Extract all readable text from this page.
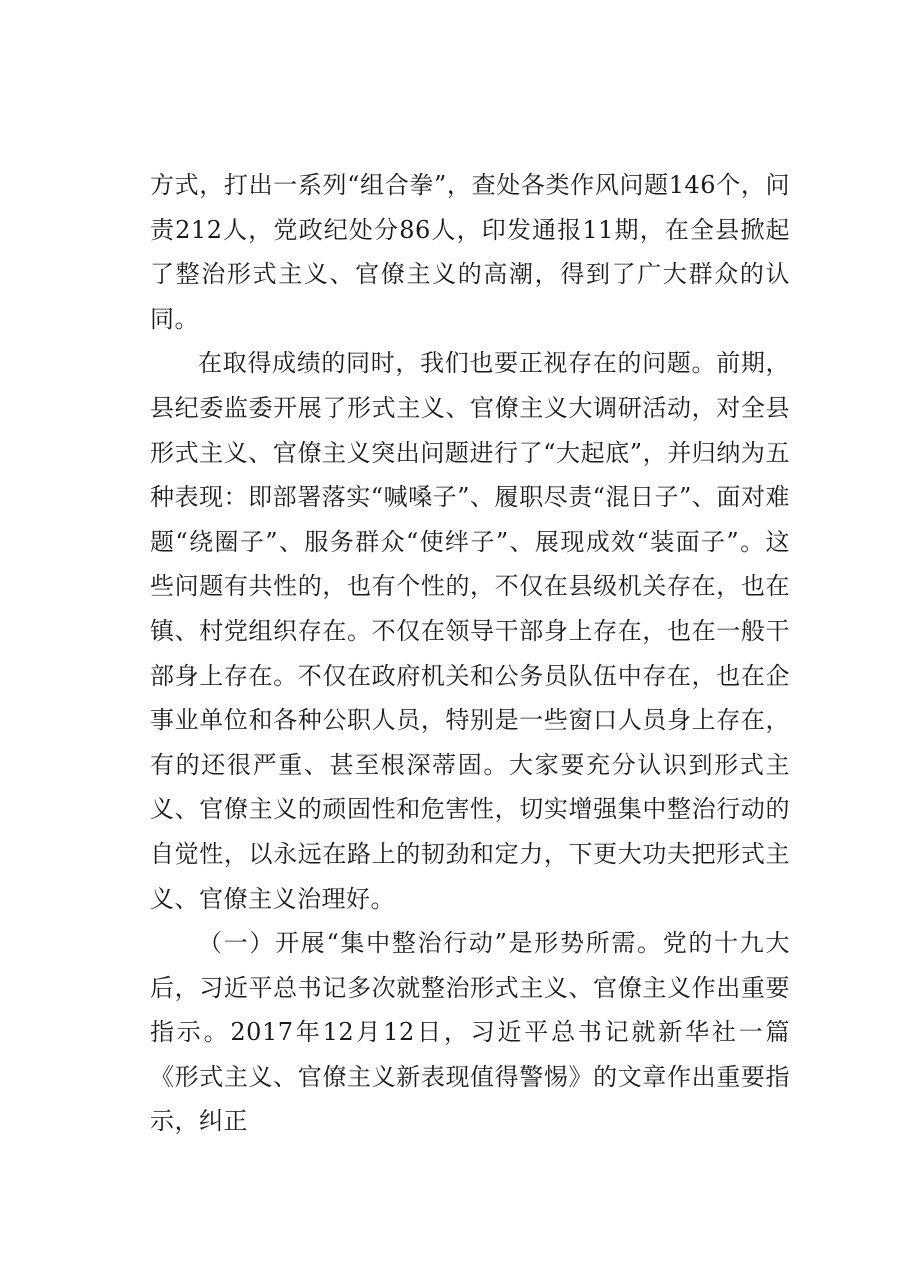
方式，打出一系列“组合拳”，查处各类作风问题146个，问责212人，党政纪处分86人，印发通报11期，在全县掀起了整治形式主义、官僚主义的高潮，得到了广大群众的认同。

在取得成绩的同时，我们也要正视存在的问题。前期，县纪委监委开展了形式主义、官僚主义大调研活动，对全县形式主义、官僚主义突出问题进行了“大起底”，并归纳为五种表现：即部署落实“喊嗓子”、履职尽责“混日子”、面对难题“绕圈子”、服务群众“使绊子”、展现成效“装面子”。这些问题有共性的，也有个性的，不仅在县级机关存在，也在镇、村党组织存在。不仅在领导干部身上存在，也在一般干部身上存在。不仅在政府机关和公务员队伍中存在，也在企事业单位和各种公职人员，特别是一些窗口人员身上存在，有的还很严重、甚至根深蒂固。大家要充分认识到形式主义、官僚主义的顽固性和危害性，切实增强集中整治行动的自觉性，以永远在路上的韧劲和定力，下更大功夫把形式主义、官僚主义治理好。

（一）开展“集中整治行动”是形势所需。党的十九大后，习近平总书记多次就整治形式主义、官僚主义作出重要指示。2017年12月12日，习近平总书记就新华社一篇《形式主义、官僚主义新表现值得警惕》的文章作出重要指示，纠正
